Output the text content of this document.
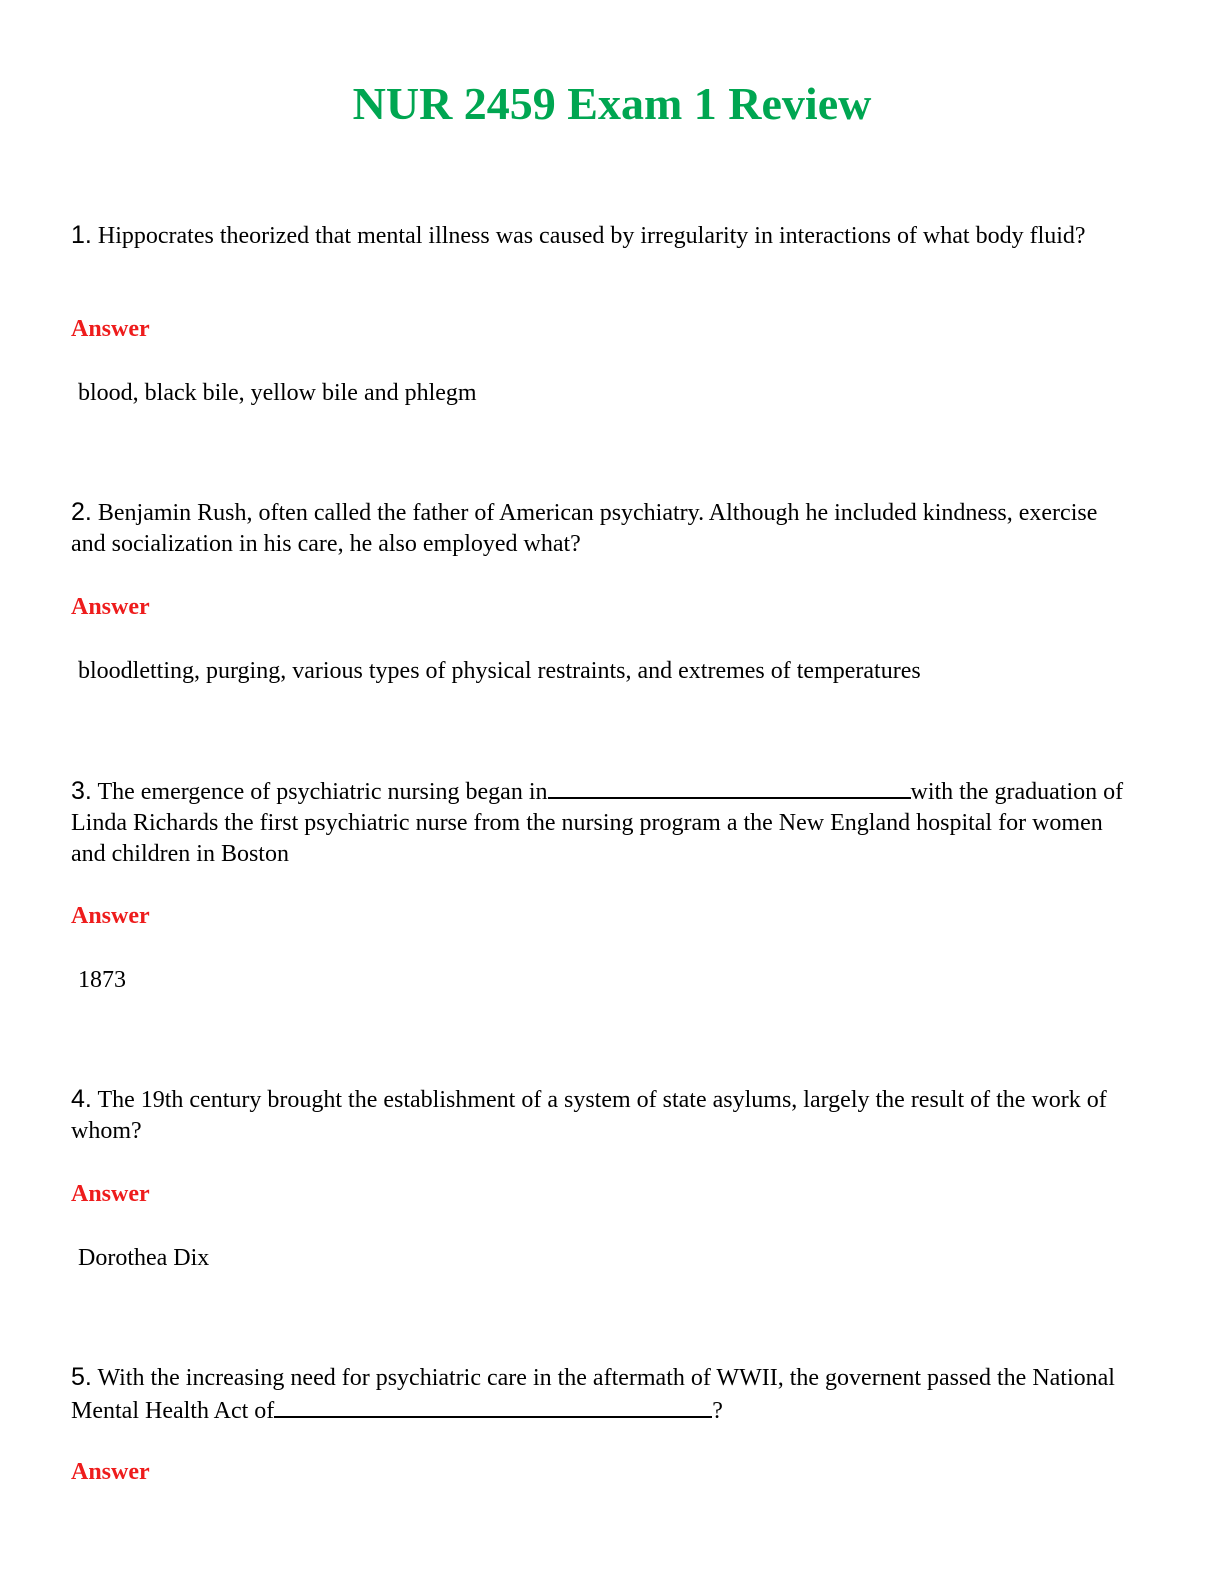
NUR 2459 Exam 1 Review

1. Hippocrates theorized that mental illness was caused by irregularity in interactions of what body fluid?

Answer

blood, black bile, yellow bile and phlegm

2. Benjamin Rush, often called the father of American psychiatry. Although he included kindness, exercise and socialization in his care, he also employed what?

Answer

bloodletting, purging, various types of physical restraints, and extremes of temperatures

3. The emergence of psychiatric nursing began in	with the graduation of Linda Richards the first psychiatric nurse from the nursing program a the New England hospital for women and children in Boston

Answer

1873

4. The 19th century brought the establishment of a system of state asylums, largely the result of the work of whom?

Answer

Dorothea Dix

5. With the increasing need for psychiatric care in the aftermath of WWII, the governent passed the National Mental Health Act of	?

Answer
